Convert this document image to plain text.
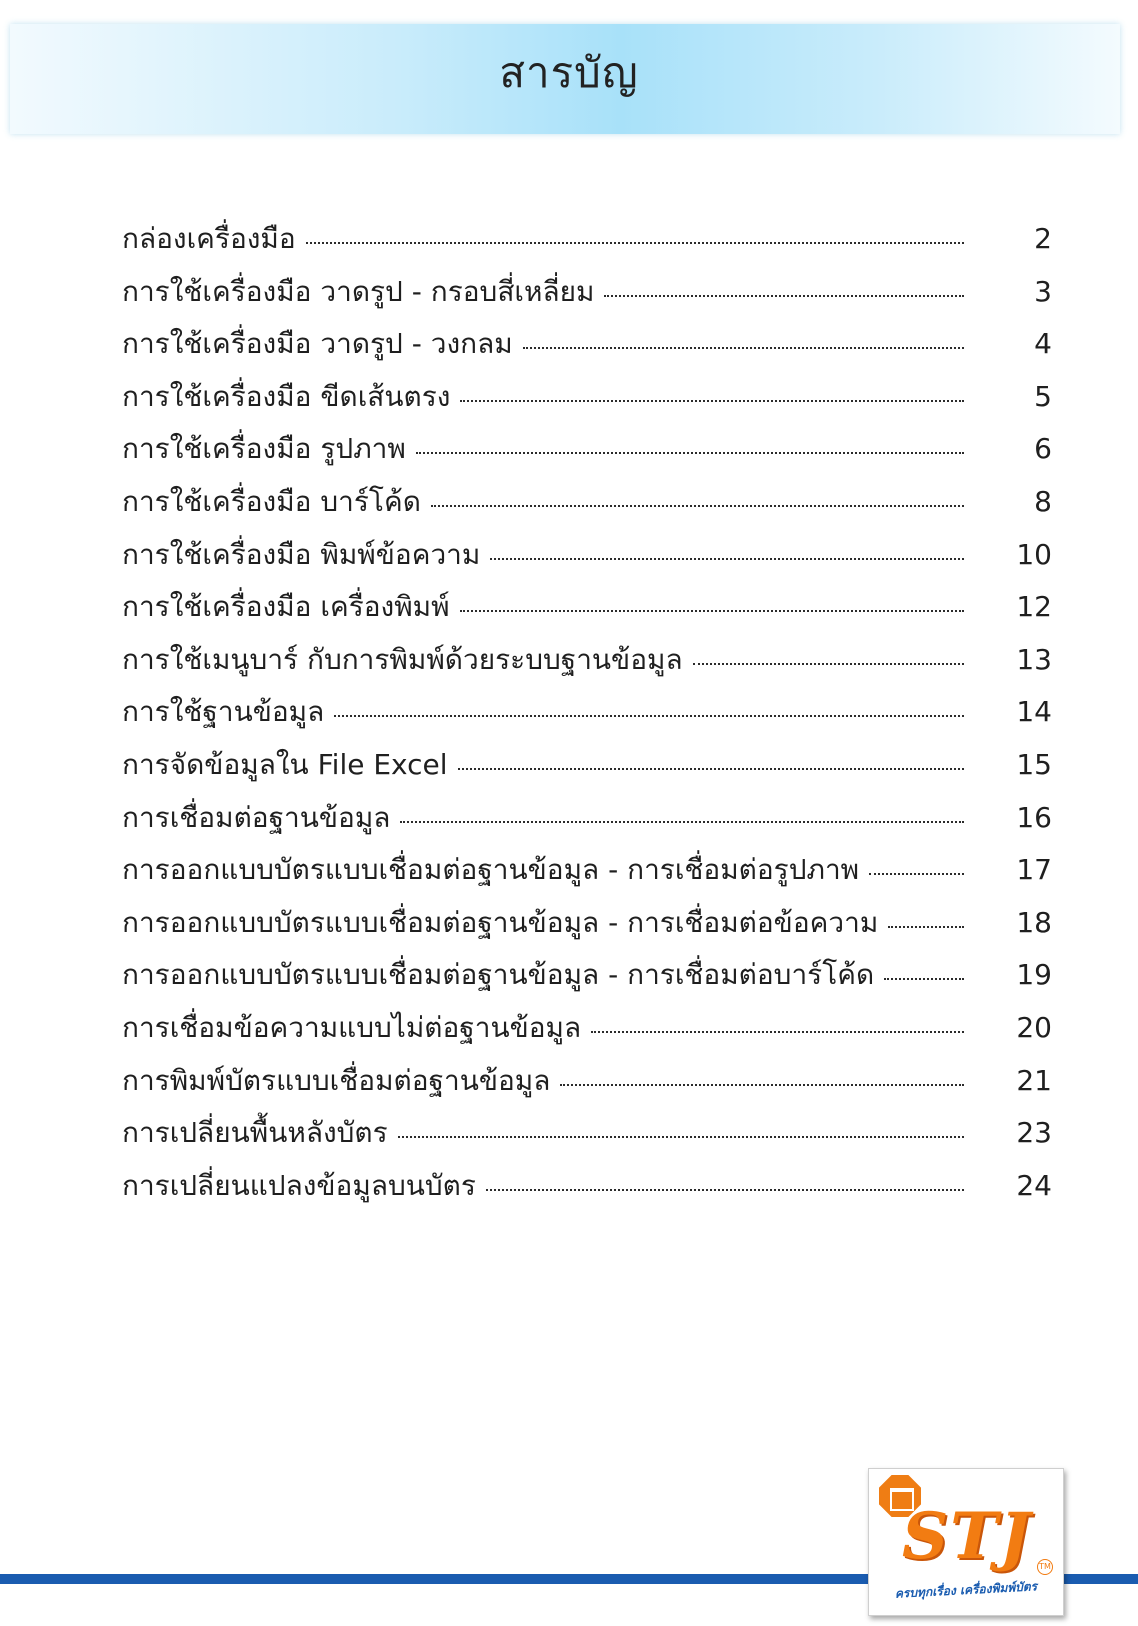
สารบัญ
กล่องเครื่องมือ	2
การใช้เครื่องมือ วาดรูป - กรอบสี่เหลี่ยม	3
การใช้เครื่องมือ วาดรูป - วงกลม	4
การใช้เครื่องมือ ขีดเส้นตรง	5
การใช้เครื่องมือ รูปภาพ	6
การใช้เครื่องมือ บาร์โค้ด	8
การใช้เครื่องมือ พิมพ์ข้อความ	10
การใช้เครื่องมือ เครื่องพิมพ์	12
การใช้เมนูบาร์ กับการพิมพ์ด้วยระบบฐานข้อมูล	13
การใช้ฐานข้อมูล	14
การจัดข้อมูลใน File Excel	15
การเชื่อมต่อฐานข้อมูล	16
การออกแบบบัตรแบบเชื่อมต่อฐานข้อมูล - การเชื่อมต่อรูปภาพ	17
การออกแบบบัตรแบบเชื่อมต่อฐานข้อมูล - การเชื่อมต่อข้อความ	18
การออกแบบบัตรแบบเชื่อมต่อฐานข้อมูล - การเชื่อมต่อบาร์โค้ด	19
การเชื่อมข้อความแบบไม่ต่อฐานข้อมูล	20
การพิมพ์บัตรแบบเชื่อมต่อฐานข้อมูล	21
การเปลี่ยนพื้นหลังบัตร	23
การเปลี่ยนแปลงข้อมูลบนบัตร	24
STJ TM
ครบทุกเรื่อง เครื่องพิมพ์บัตร
